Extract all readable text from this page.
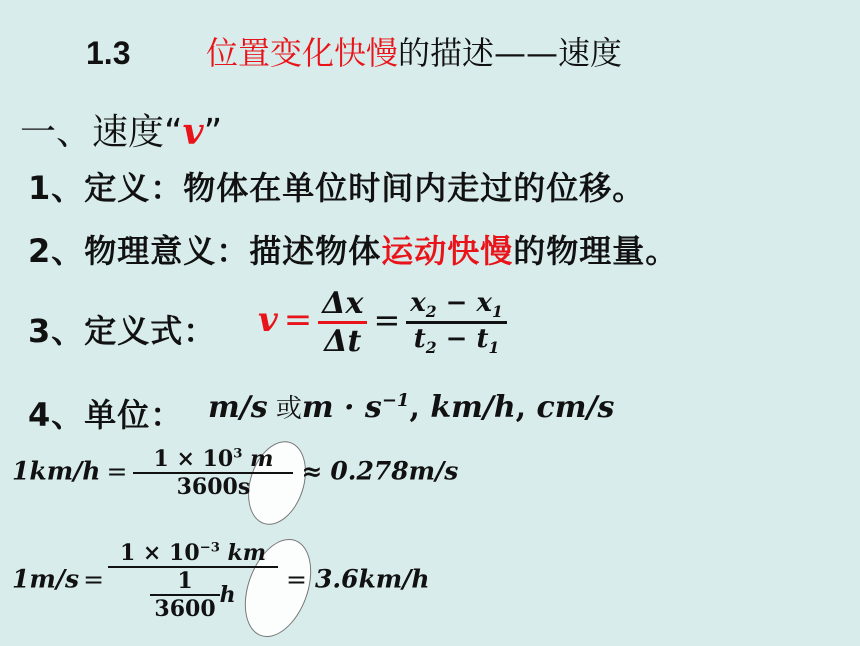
1.3 位置变化快慢的描述——速度
一、速度“v”
1、定义：物体在单位时间内走过的位移。
2、物理意义：描述物体运动快慢的物理量。
3、定义式： $v = \frac{\Delta x}{\Delta t} = \frac{x_2 - x_1}{t_2 - t_1}$
4、单位： m/s 或$m \cdot s^{-1}$, km/h, cm/s
$1km/h = \frac{1 \times 10^3 m}{3600s} \approx 0.278m/s$
$1m/s = \frac{1 \times 10^{-3} km}{\frac{1}{3600} h} = 3.6km/h$
